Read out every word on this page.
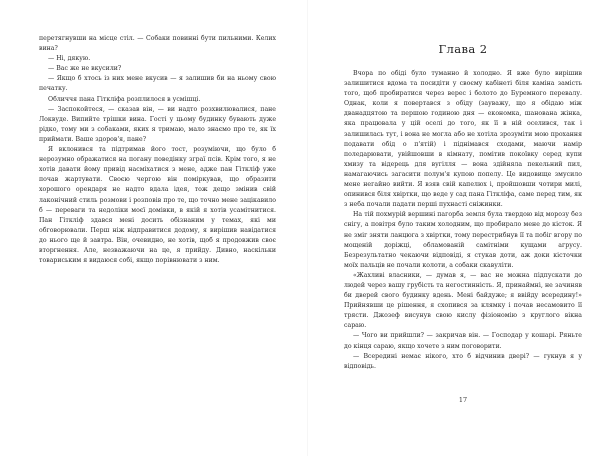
перетягнувши на місце стіл. — Собаки повинні бути пильними. Келих вина?

— Ні, дякую.

— Вас же не вкусили?

— Якщо б хтось із них мене вкусив — я залишив би на ньому свою печатку.

Обличчя пана Гіткліфа розплилося в усмішці.

— Заспокойтеся, — сказав він, — ви надто розхвилювалися, пане Локвуде. Випийте трішки вина. Гості у цьому будинку бувають дуже рідко, тому ми з собаками, яких я тримаю, мало знаємо про те, як їх приймати. Ваше здоров'я, пане?

Я вклонився та підтримав його тост, розуміючи, що було б нерозумно ображатися на погану поведінку зграї псів. Крім того, я не хотів давати йому привід насміхатися з мене, адже пан Гіткліф уже почав жартувати. Своєю чергою він поміркував, що образити хорошого орендаря не надто вдала ідея, тож дещо змінив свій лаконічний стиль розмови і розповів про те, що точно мене зацікавило б — переваги та недоліки моєї домівки, в якій я хотів усамітнитися. Пан Гіткліф здався мені досить обізнаним у темах, які ми обговорювали. Перш ніж відправитися додому, я вирішив навідатися до нього ще й завтра. Він, очевидно, не хотів, щоб я продовжив своє вторгнення. Але, незважаючи на це, я прийду. Дивно, наскільки товариським я видаюся собі, якщо порівнювати з ним.

Глава 2

Вчора по обіді було туманно й холодно. Я вже було вирішив залишитися вдома та посидіти у своєму кабінеті біля каміна замість того, щоб пробиратися через верес і болото до Буремного перевалу. Однак, коли я повертався з обіду (зауважу, що я обідаю між дванадцятою та першою годиною дня — економка, шанована жінка, яка працювала у цій оселі до того, як її в ній оселився, так і залишилась тут, і вона не могла або не хотіла зрозуміти мою прохання подавати обід о п'ятій) і піднімався сходами, маючи намір поледарювати, увійшовши в кімнату, помітив покоївку серед купи хмизу та відерець для вугілля — вона здійняла пекельний пил, намагаючись загасити полум'я купою попелу. Це видовище змусило мене негайно вийти. Я взяв свій капелюх і, пройшовши чотири милі, опинився біля хвіртки, що веде у сад пана Гіткліфа, саме перед тим, як з неба почали падати перші пухнасті сніжинки.

На тій похмурій вершині пагорба земля була твердою від морозу без снігу, а повітря було таким холодним, що пробирало мене до кісток. Я не зміг зняти ланцюга з хвіртки, тому перестрибнув її та побіг вгору по мощеній доріжці, обламованій самітніми кущами агрусу. Безрезультатно чекаючи відповіді, я стукав доти, аж доки кісточки моїх пальців не почали колоти, а собаки скавуліти.

«Жахливі власники, — думав я, — вас не можна підпускати до людей через вашу грубість та негостинність. Я, принаймні, не зачиняв би дверей свого будинку вдень. Мені байдуже; я ввійду всередину!» Прийнявши це рішення, я схопився за клямку і почав несамовито її трясти. Джозеф висунув свою кислу фізіономію з круглого вікна сараю.

— Чого ви прийшли? — закричав він. — Господар у кошарі. Ряньте до кінця сараю, якщо хочете з ним поговорити.

— Всередині немає нікого, хто б відчинив двері? — гукнув я у відповідь.

17
